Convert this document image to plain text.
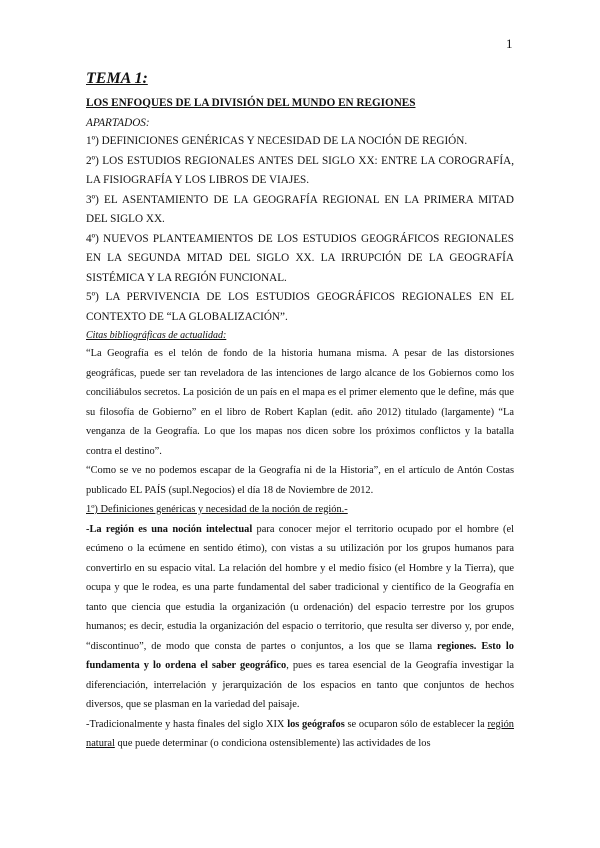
1
TEMA 1:
LOS ENFOQUES DE LA DIVISIÓN DEL MUNDO EN REGIONES
APARTADOS:

1º) DEFINICIONES GENÉRICAS Y NECESIDAD DE LA NOCIÓN DE REGIÓN.

2º) LOS ESTUDIOS REGIONALES ANTES DEL SIGLO XX: ENTRE LA COROGRAFÍA, LA FISIOGRAFÍA Y LOS LIBROS DE VIAJES.

3º) EL ASENTAMIENTO DE LA GEOGRAFÍA REGIONAL EN LA PRIMERA MITAD DEL SIGLO XX.

4º) NUEVOS PLANTEAMIENTOS DE LOS ESTUDIOS GEOGRÁFICOS REGIONALES EN LA SEGUNDA MITAD DEL SIGLO XX. LA IRRUPCIÓN DE LA GEOGRAFÍA SISTÉMICA Y LA REGIÓN FUNCIONAL.

5º) LA PERVIVENCIA DE LOS ESTUDIOS GEOGRÁFICOS REGIONALES EN EL CONTEXTO DE “LA GLOBALIZACIÓN”.

Citas bibliográficas de actualidad:

“La Geografía es el telón de fondo de la historia humana misma. A pesar de las distorsiones geográficas, puede ser tan reveladora de las intenciones de largo alcance de los Gobiernos como los conciliábulos secretos. La posición de un país en el mapa es el primer elemento que le define, más que su filosofía de Gobierno” en el libro de Robert Kaplan (edit. año 2012) titulado (largamente) “La venganza de la Geografía. Lo que los mapas nos dicen sobre los próximos conflictos y la batalla contra el destino”.

“Como se ve no podemos escapar de la Geografía ni de la Historia”, en el artículo de Antón Costas publicado EL PAÍS (supl.Negocios) el día 18 de Noviembre de 2012.

1º) Definiciones genéricas y necesidad de la noción de región.-

-La región es una noción intelectual para conocer mejor el territorio ocupado por el hombre (el ecúmeno o la ecúmene en sentido étimo), con vistas a su utilización por los grupos humanos para convertirlo en su espacio vital. La relación del hombre y el medio físico (el Hombre y la Tierra), que ocupa y que le rodea, es una parte fundamental del saber tradicional y científico de la Geografía en tanto que ciencia que estudia la organización (u ordenación) del espacio terrestre por los grupos humanos; es decir, estudia la organización del espacio o territorio, que resulta ser diverso y, por ende, “discontinuo”, de modo que consta de partes o conjuntos, a los que se llama regiones. Esto lo fundamenta y lo ordena el saber geográfico, pues es tarea esencial de la Geografía investigar la diferenciación, interrelación y jerarquización de los espacios en tanto que conjuntos de hechos diversos, que se plasman en la variedad del paisaje.

-Tradicionalmente y hasta finales del siglo XIX los geógrafos se ocuparon sólo de establecer la región natural que puede determinar (o condiciona ostensiblemente) las actividades de los
